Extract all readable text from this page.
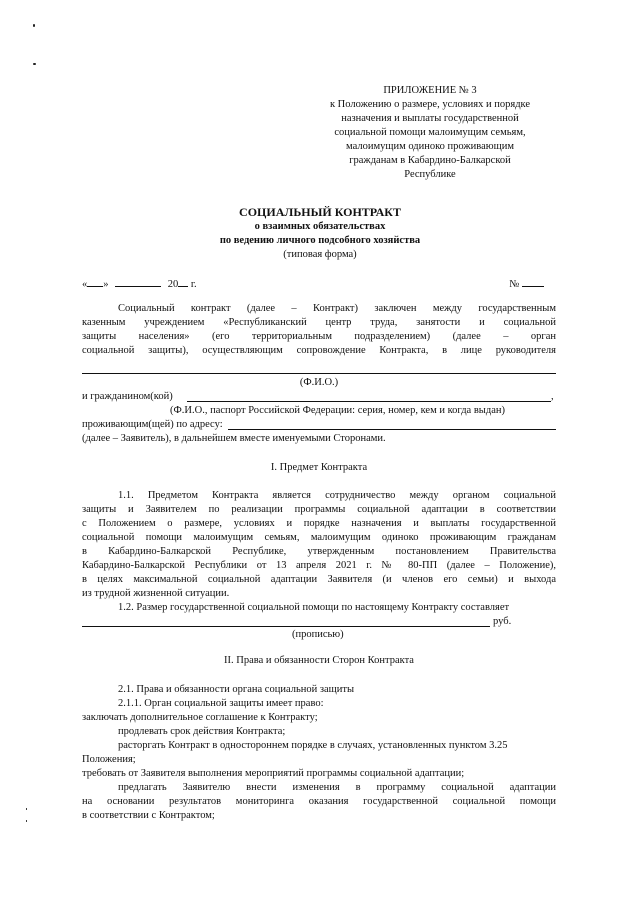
ПРИЛОЖЕНИЕ № 3
к Положению о размере, условиях и порядке
назначения и выплаты государственной
социальной помощи малоимущим семьям,
малоимущим одиноко проживающим
гражданам в Кабардино-Балкарской
Республике
СОЦИАЛЬНЫЙ КОНТРАКТ
о взаимных обязательствах
по ведению личного подсобного хозяйства
(типовая форма)
« »	20 г.	№
Социальный контракт (далее – Контракт) заключен между государственным
казенным учреждением «Республиканский центр труда, занятости и социальной
защиты населения» (его территориальным подразделением) (далее – орган
социальной защиты), осуществляющим сопровождение Контракта, в лице руководителя
(Ф.И.О.)
и гражданином(кой)	,
(Ф.И.О., паспорт Российской Федерации: серия, номер, кем и когда выдан)
проживающим(щей) по адресу:
(далее – Заявитель), в дальнейшем вместе именуемыми Сторонами.
I. Предмет Контракта
1.1. Предметом Контракта является сотрудничество между органом социальной
защиты и Заявителем по реализации программы социальной адаптации в соответствии
с Положением о размере, условиях и порядке назначения и выплаты государственной
социальной помощи малоимущим семьям, малоимущим одиноко проживающим гражданам
в Кабардино-Балкарской Республике, утвержденным постановлением Правительства
Кабардино-Балкарской Республики от 13 апреля 2021 г. № 80-ПП (далее – Положение),
в целях максимальной социальной адаптации Заявителя (и членов его семьи) и выхода
из трудной жизненной ситуации.
1.2. Размер государственной социальной помощи по настоящему Контракту составляет
руб.
(прописью)
II. Права и обязанности Сторон Контракта
2.1. Права и обязанности органа социальной защиты
2.1.1. Орган социальной защиты имеет право:
заключать дополнительное соглашение к Контракту;
продлевать срок действия Контракта;
расторгать Контракт в одностороннем порядке в случаях, установленных пунктом 3.25
Положения;
требовать от Заявителя выполнения мероприятий программы социальной адаптации;
предлагать Заявителю внести изменения в программу социальной адаптации
на основании результатов мониторинга оказания государственной социальной помощи
в соответствии с Контрактом;
